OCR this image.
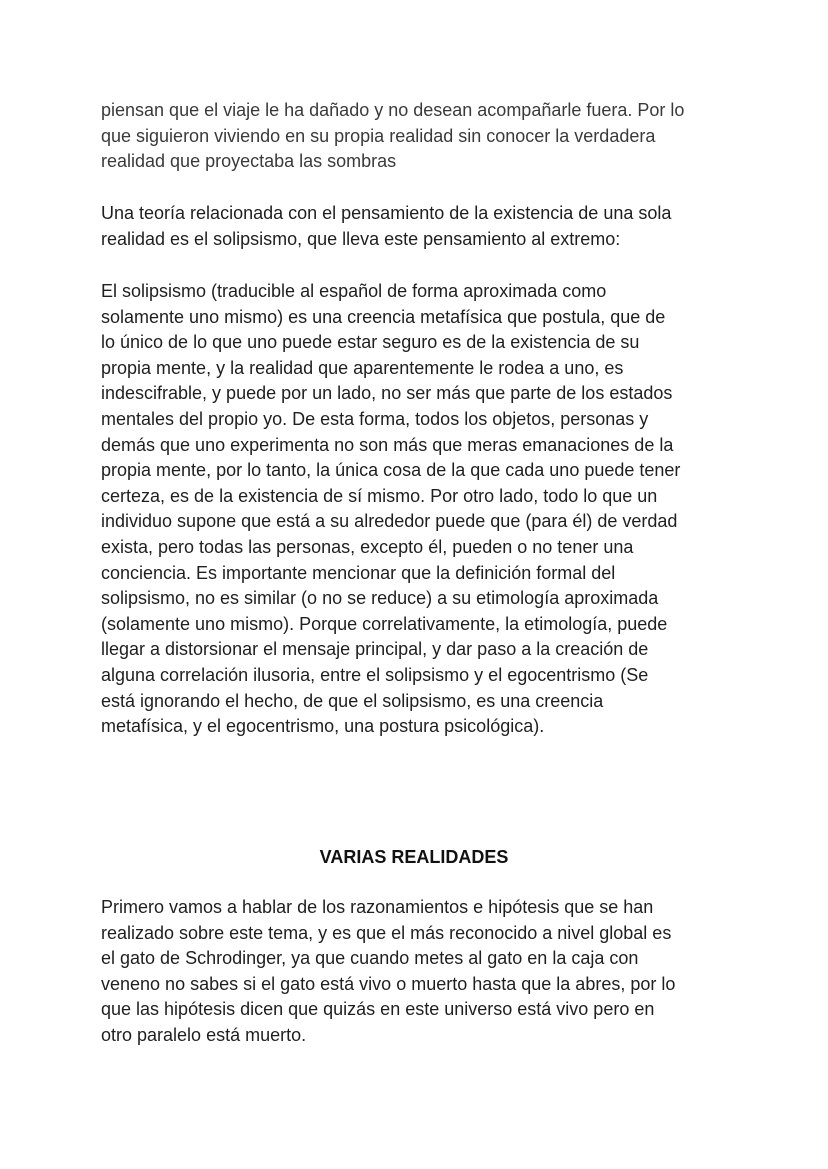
piensan que el viaje le ha dañado y no desean acompañarle fuera. Por lo
que siguieron viviendo en su propia realidad sin conocer la verdadera
realidad que proyectaba las sombras

Una teoría relacionada con el pensamiento de la existencia de una sola
realidad es el solipsismo, que lleva este pensamiento al extremo:

El solipsismo (traducible al español de forma aproximada como
solamente uno mismo) es una creencia metafísica que postula, que de
lo único de lo que uno puede estar seguro es de la existencia de su
propia mente, y la realidad que aparentemente le rodea a uno, es
indescifrable, y puede por un lado, no ser más que parte de los estados
mentales del propio yo. De esta forma, todos los objetos, personas y
demás que uno experimenta no son más que meras emanaciones de la
propia mente, por lo tanto, la única cosa de la que cada uno puede tener
certeza, es de la existencia de sí mismo. Por otro lado, todo lo que un
individuo supone que está a su alrededor puede que (para él) de verdad
exista, pero todas las personas, excepto él, pueden o no tener una
conciencia. Es importante mencionar que la definición formal del
solipsismo, no es similar (o no se reduce) a su etimología aproximada
(solamente uno mismo). Porque correlativamente, la etimología, puede
llegar a distorsionar el mensaje principal, y dar paso a la creación de
alguna correlación ilusoria, entre el solipsismo y el egocentrismo (Se
está ignorando el hecho, de que el solipsismo, es una creencia
metafísica, y el egocentrismo, una postura psicológica).

VARIAS REALIDADES

Primero vamos a hablar de los razonamientos e hipótesis que se han
realizado sobre este tema, y es que el más reconocido a nivel global es
el gato de Schrodinger, ya que cuando metes al gato en la caja con
veneno no sabes si el gato está vivo o muerto hasta que la abres, por lo
que las hipótesis dicen que quizás en este universo está vivo pero en
otro paralelo está muerto.
